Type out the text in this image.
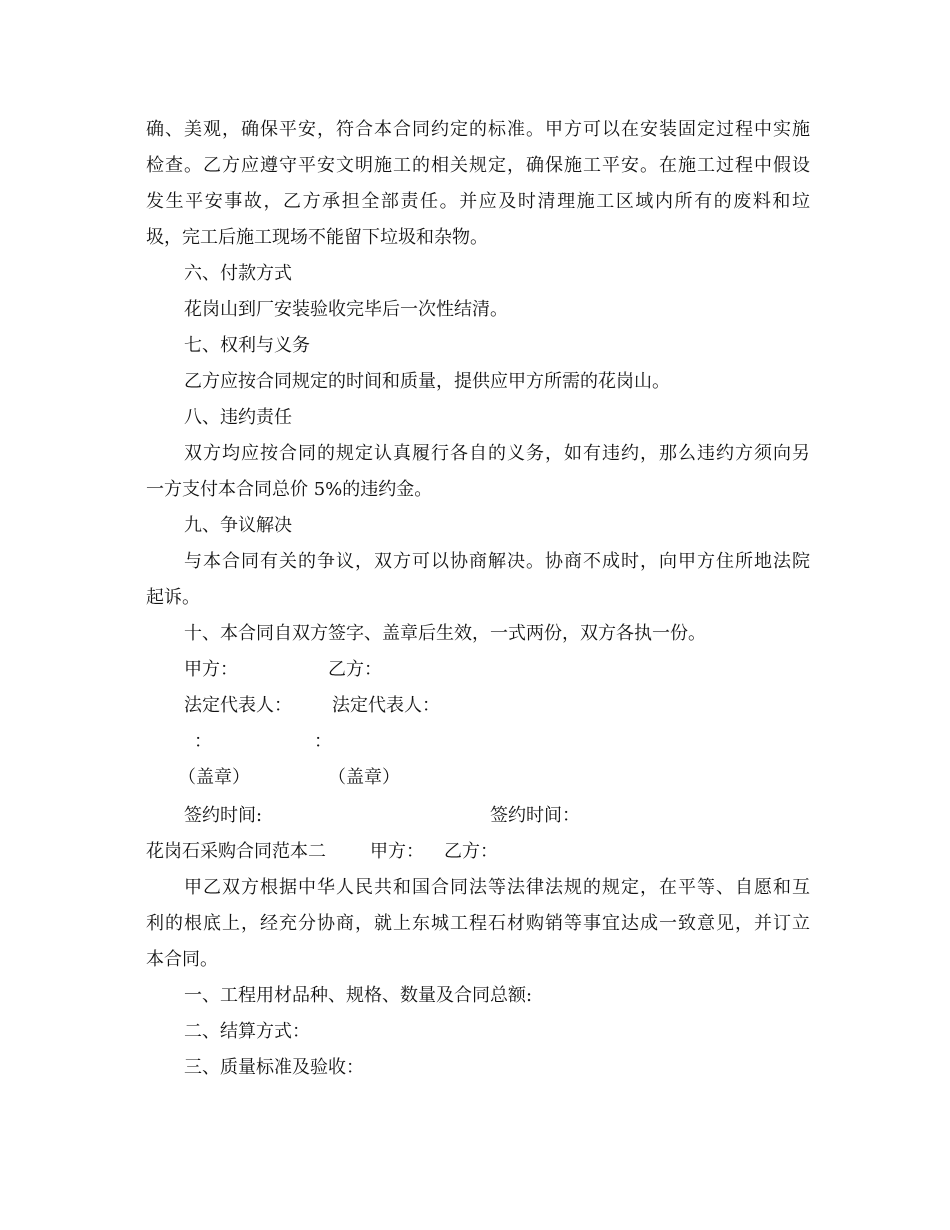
确、美观，确保平安，符合本合同约定的标准。甲方可以在安装固定过程中实施
检查。乙方应遵守平安文明施工的相关规定，确保施工平安。在施工过程中假设
发生平安事故，乙方承担全部责任。并应及时清理施工区域内所有的废料和垃
圾，完工后施工现场不能留下垃圾和杂物。
六、付款方式
花岗山到厂安装验收完毕后一次性结清。
七、权利与义务
乙方应按合同规定的时间和质量，提供应甲方所需的花岗山。
八、违约责任
双方均应按合同的规定认真履行各自的义务，如有违约，那么违约方须向另
一方支付本合同总价 5%的违约金。
九、争议解决
与本合同有关的争议，双方可以协商解决。协商不成时，向甲方住所地法院
起诉。
十、本合同自双方签字、盖章后生效，一式两份，双方各执一份。
甲方：	乙方：
法定代表人： 法定代表人：
：	：
（盖章）	（盖章）
签约时间:	签约时间：
花岗石采购合同范本二 甲方： 乙方：
甲乙双方根据中华人民共和国合同法等法律法规的规定，在平等、自愿和互
利的根底上，经充分协商，就上东城工程石材购销等事宜达成一致意见，并订立
本合同。
一、工程用材品种、规格、数量及合同总额:
二、结算方式：
三、质量标准及验收：
